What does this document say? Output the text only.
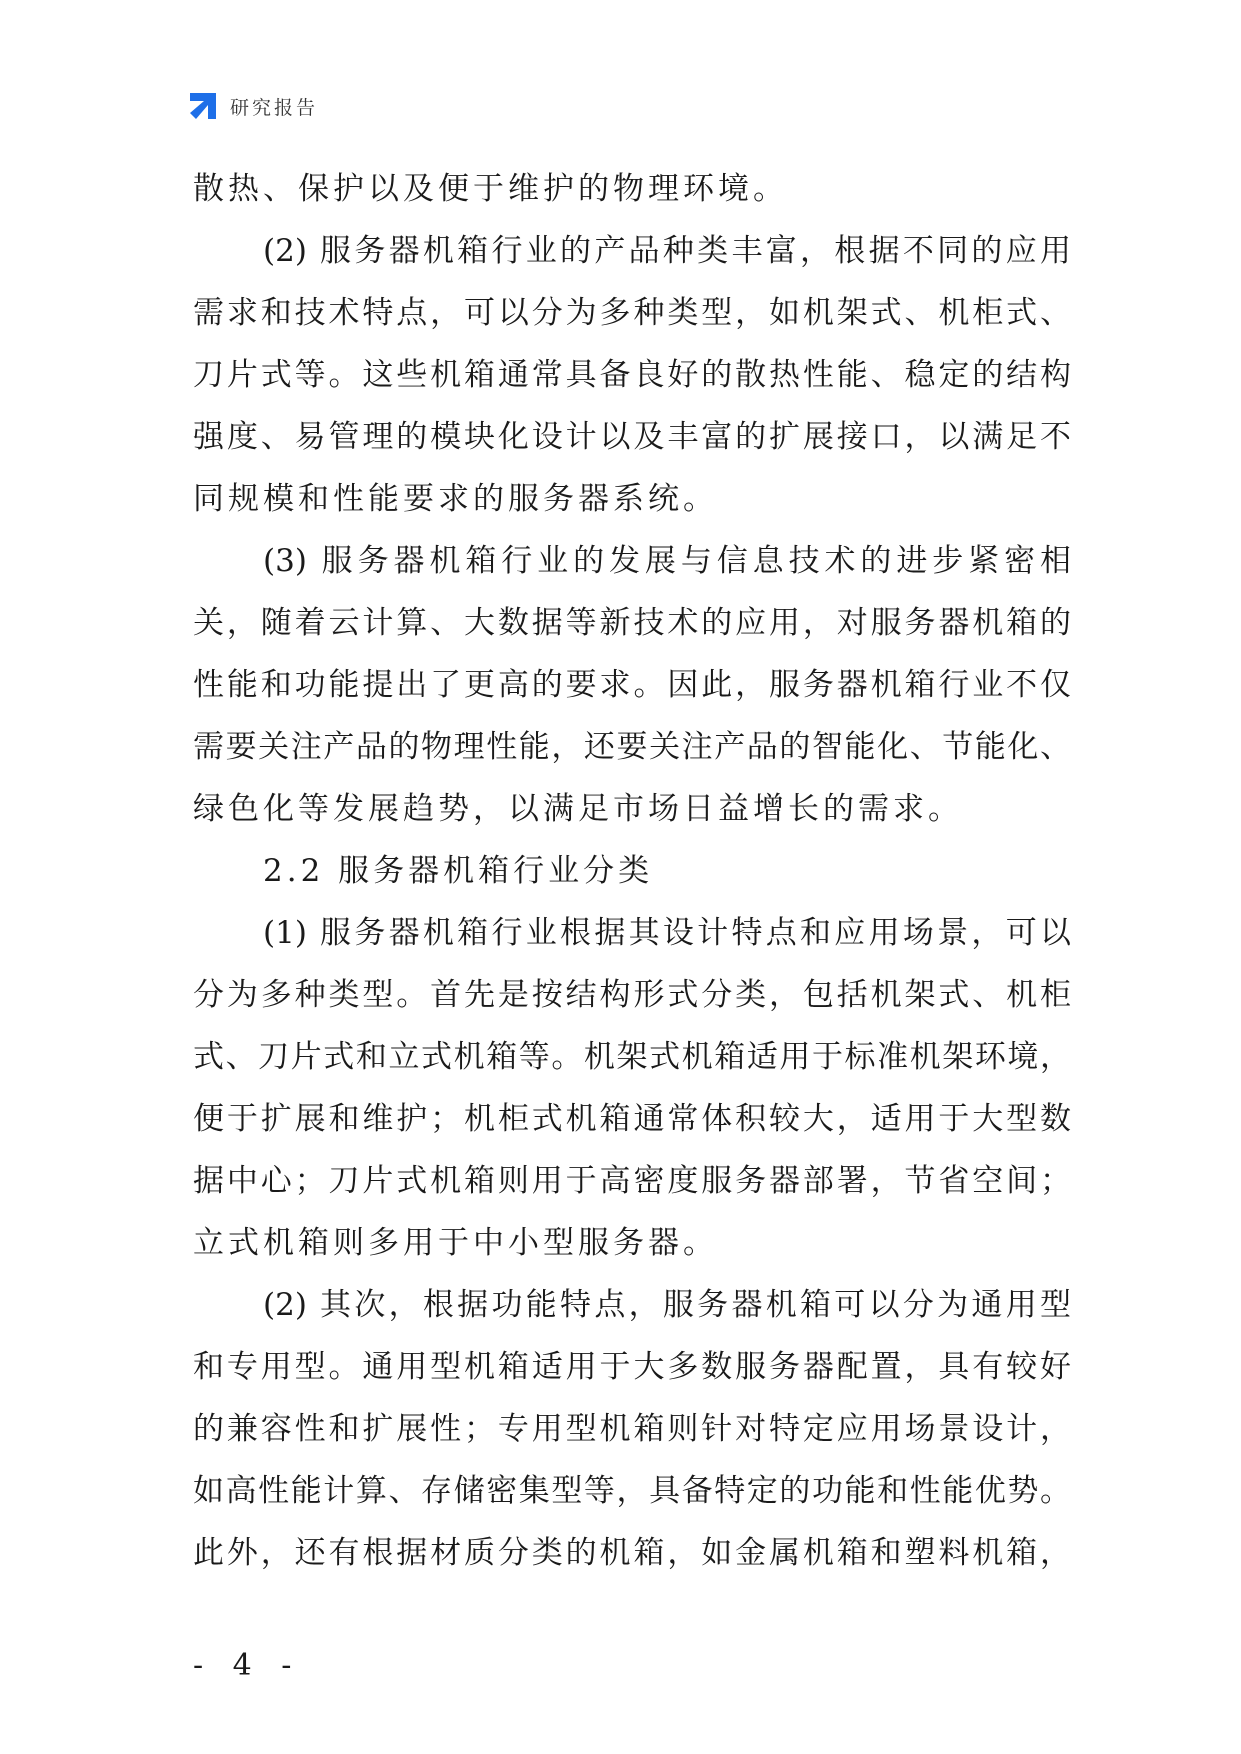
研究报告
散热、保护以及便于维护的物理环境。
(2) 服务器机箱行业的产品种类丰富，根据不同的应用
需求和技术特点，可以分为多种类型，如机架式、机柜式、
刀片式等。这些机箱通常具备良好的散热性能、稳定的结构
强度、易管理的模块化设计以及丰富的扩展接口，以满足不
同规模和性能要求的服务器系统。
(3) 服务器机箱行业的发展与信息技术的进步紧密相
关，随着云计算、大数据等新技术的应用，对服务器机箱的
性能和功能提出了更高的要求。因此，服务器机箱行业不仅
需要关注产品的物理性能，还要关注产品的智能化、节能化、
绿色化等发展趋势，以满足市场日益增长的需求。
2.2 服务器机箱行业分类
(1) 服务器机箱行业根据其设计特点和应用场景，可以
分为多种类型。首先是按结构形式分类，包括机架式、机柜
式、刀片式和立式机箱等。机架式机箱适用于标准机架环境，
便于扩展和维护；机柜式机箱通常体积较大，适用于大型数
据中心；刀片式机箱则用于高密度服务器部署，节省空间；
立式机箱则多用于中小型服务器。
(2) 其次，根据功能特点，服务器机箱可以分为通用型
和专用型。通用型机箱适用于大多数服务器配置，具有较好
的兼容性和扩展性；专用型机箱则针对特定应用场景设计，
如高性能计算、存储密集型等，具备特定的功能和性能优势。
此外，还有根据材质分类的机箱，如金属机箱和塑料机箱，
- 4 -
